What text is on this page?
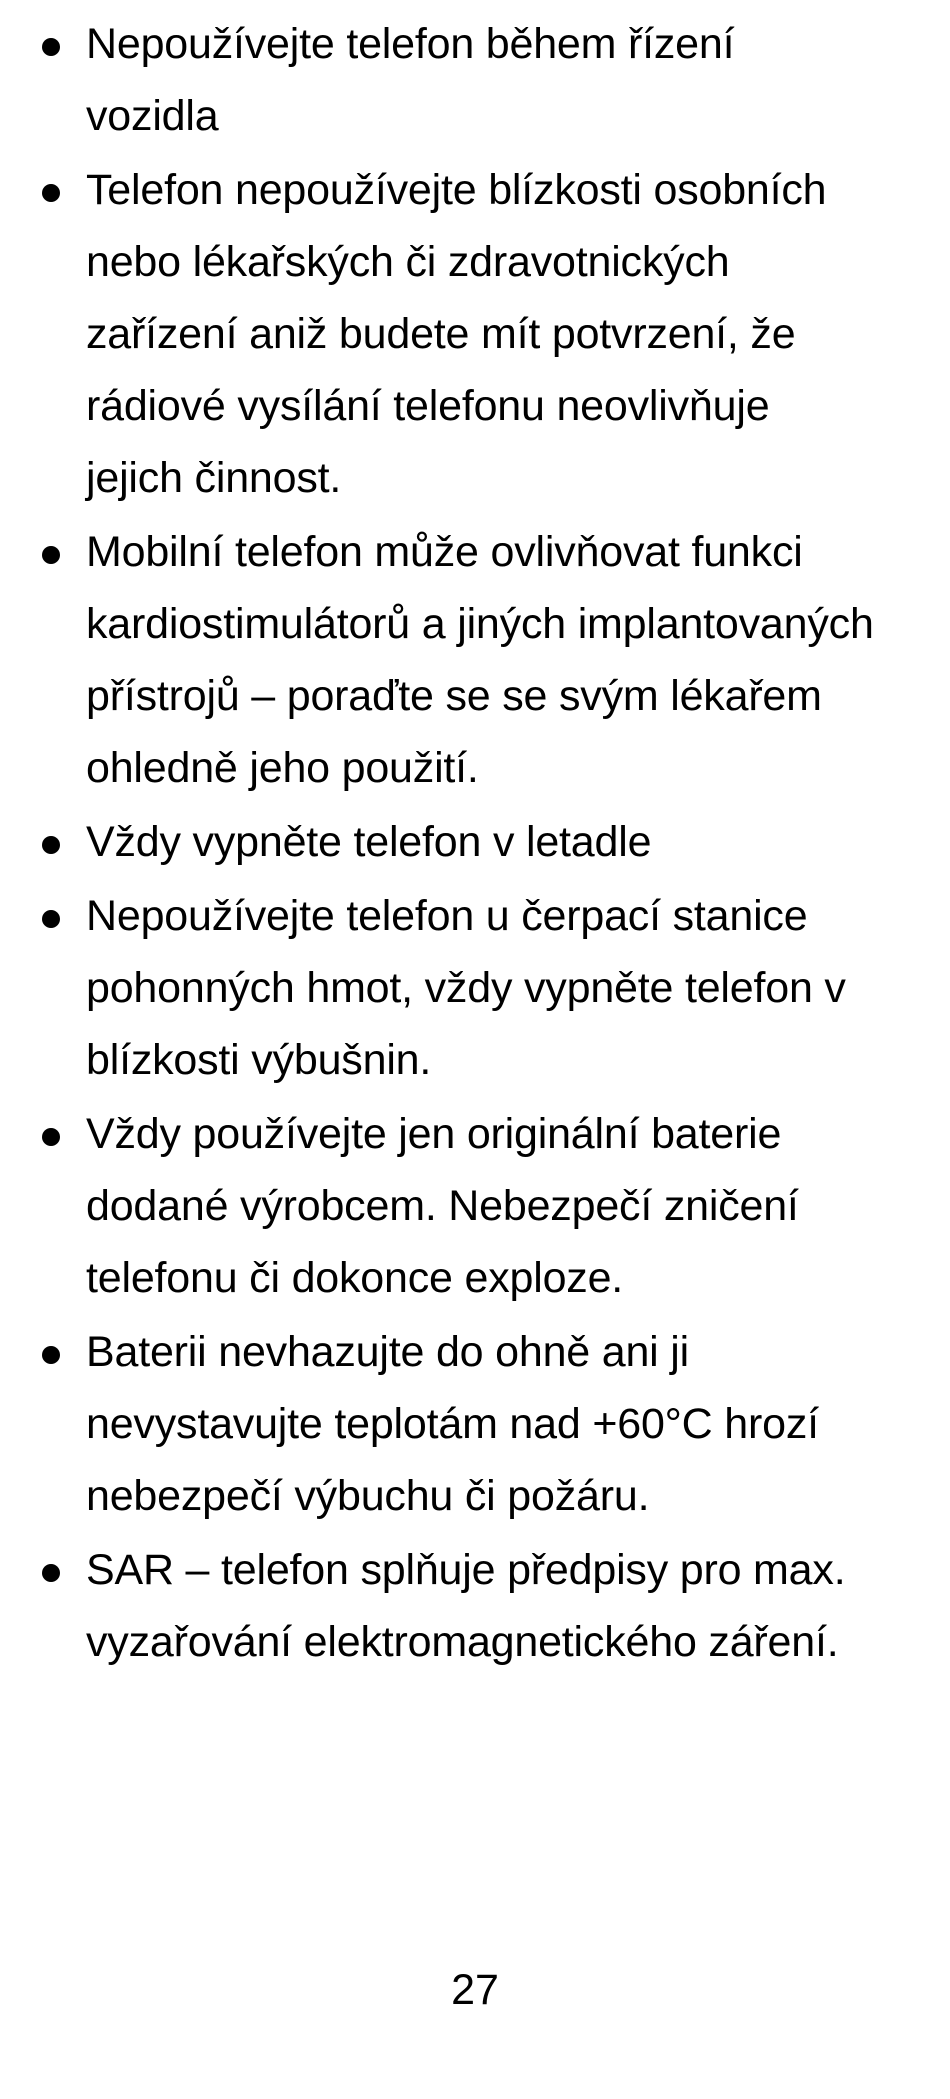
Nepoužívejte telefon během řízení vozidla
Telefon nepoužívejte blízkosti osobních nebo lékařských či zdravotnických zařízení aniž budete mít potvrzení, že rádiové vysílání telefonu neovlivňuje jejich činnost.
Mobilní telefon může ovlivňovat funkci kardiostimulátorů a jiných implantovaných přístrojů – poraďte se se svým lékařem ohledně jeho použití.
Vždy vypněte telefon v letadle
Nepoužívejte telefon u čerpací stanice pohonných hmot, vždy vypněte telefon v blízkosti výbušnin.
Vždy používejte jen originální baterie dodané výrobcem. Nebezpečí zničení telefonu či dokonce exploze.
Baterii nevhazujte do ohně ani ji nevystavujte teplotám nad +60°C hrozí nebezpečí výbuchu či požáru.
SAR – telefon splňuje předpisy pro max. vyzařování elektromagnetického záření.
27
